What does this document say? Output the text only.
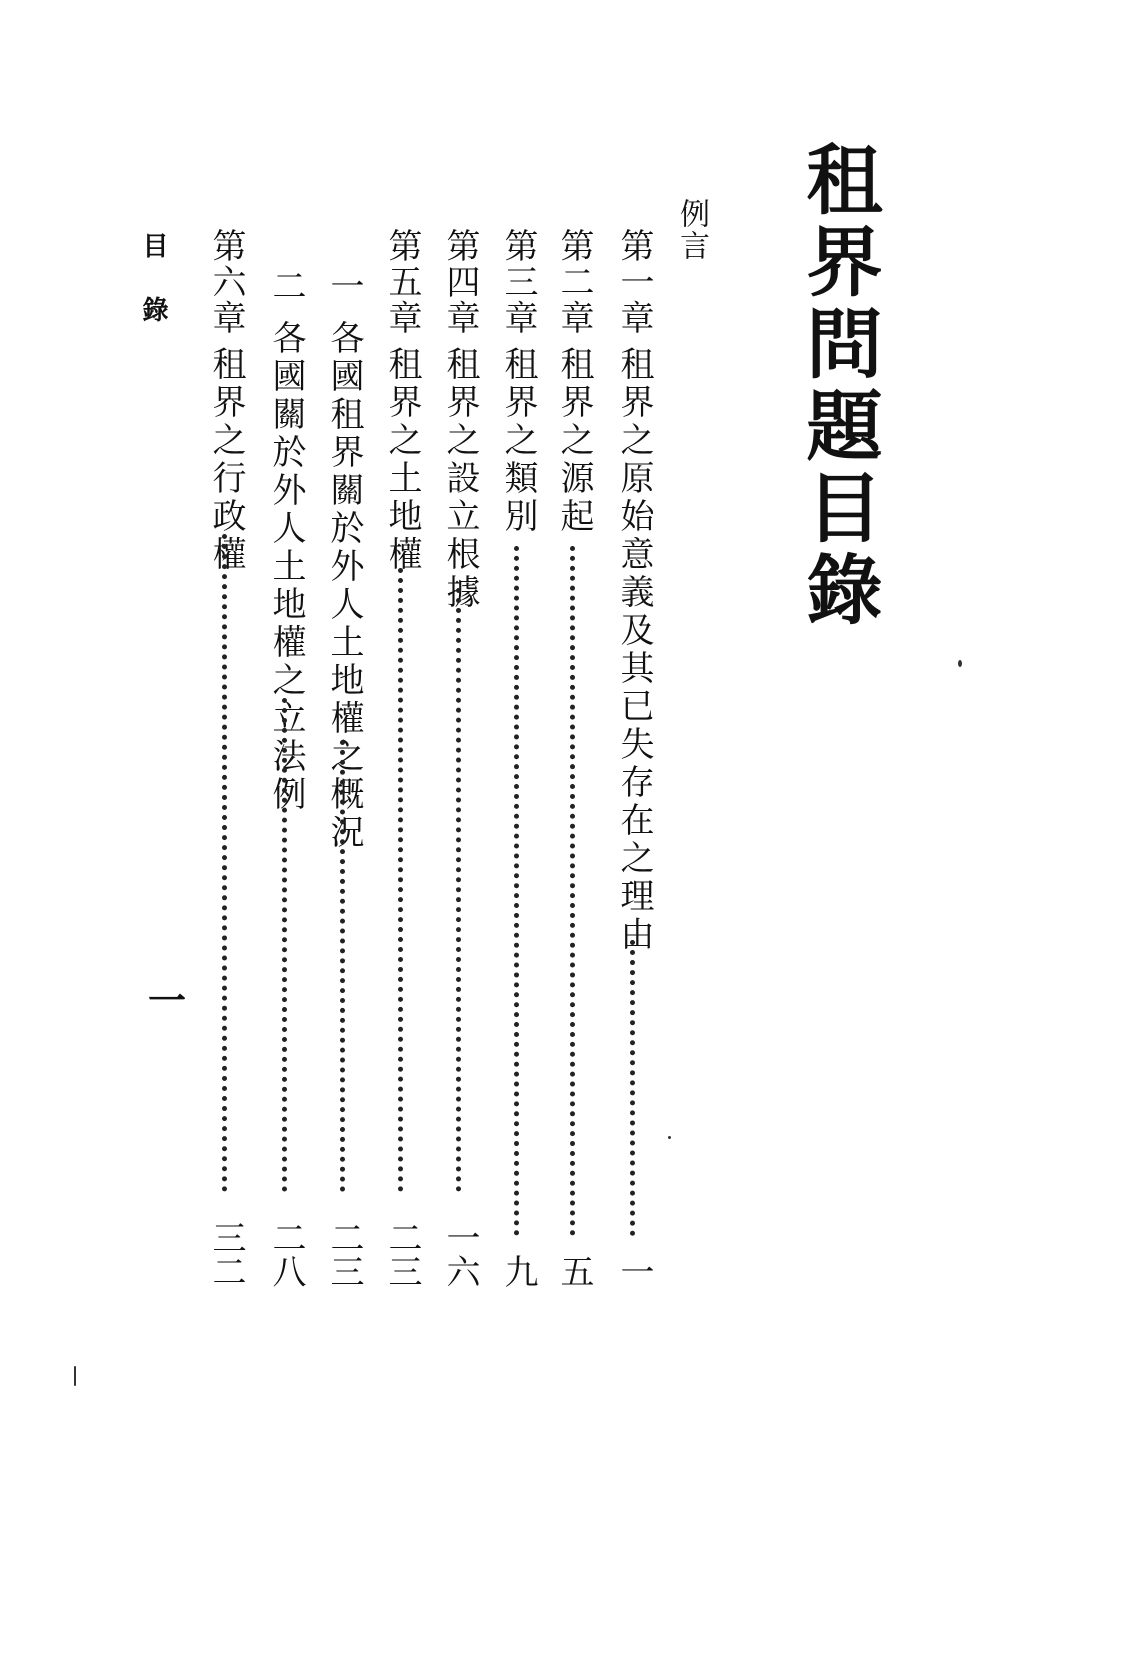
租界問題目錄
例言
第一章
租界之原始意義及其已失存在之理由
一
第二章
租界之源起
五
第三章
租界之類別
九
第四章
租界之設立根據
一六
第五章
租界之土地權
二三
一
各國租界關於外人土地權之概況
二三
二
各國關於外人土地權之立法例
二八
第六章
租界之行政權
三二
目錄
一
